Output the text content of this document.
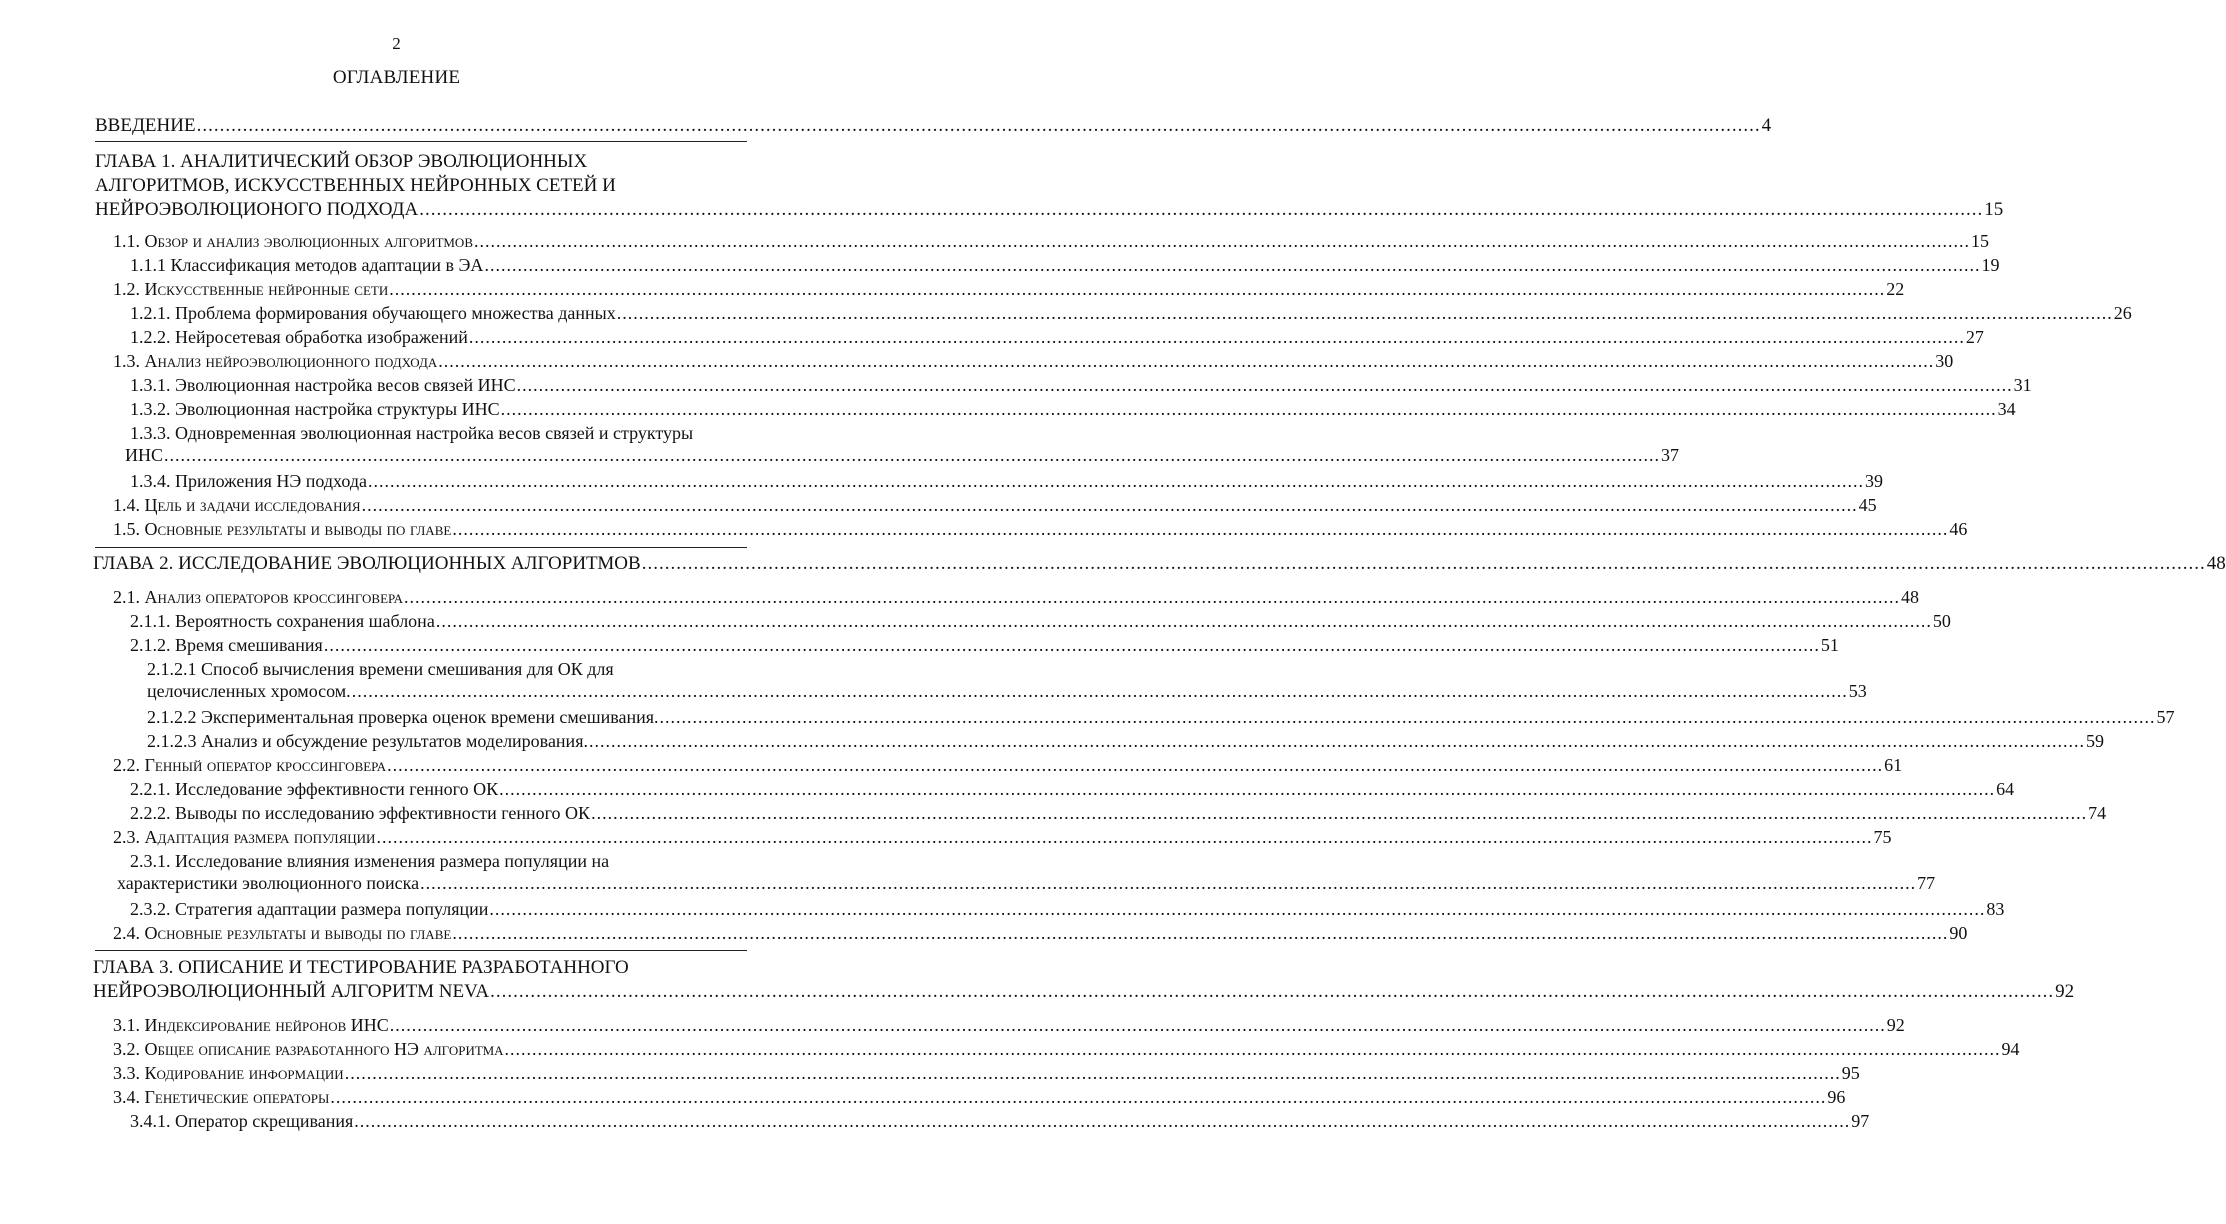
2
ОГЛАВЛЕНИЕ
ВВЕДЕНИЕ .....	4
ГЛАВА 1. АНАЛИТИЧЕСКИЙ ОБЗОР ЭВОЛЮЦИОННЫХ
АЛГОРИТМОВ, ИСКУССТВЕННЫХ НЕЙРОННЫХ СЕТЕЙ И
НЕЙРОЭВОЛЮЦИОНОГО ПОДХОДА .....	15
1.1. Обзор и анализ эволюционных алгоритмов .....	15
1.1.1 Классификация методов адаптации в ЭА .....	19
1.2. Искусственные нейронные сети .....	22
1.2.1. Проблема формирования обучающего множества данных .....	26
1.2.2. Нейросетевая обработка изображений .....	27
1.3. Анализ нейроэволюционного подхода .....	30
1.3.1. Эволюционная настройка весов связей ИНС .....	31
1.3.2. Эволюционная настройка структуры ИНС .....	34
1.3.3. Одновременная эволюционная настройка весов связей и структуры
ИНС .....	37
1.3.4. Приложения НЭ подхода .....	39
1.4. Цель и задачи исследования .....	45
1.5. Основные результаты и выводы по главе .....	46
ГЛАВА 2. ИССЛЕДОВАНИЕ ЭВОЛЮЦИОННЫХ АЛГОРИТМОВ .....	48
2.1. Анализ операторов кроссинговера .....	48
2.1.1. Вероятность сохранения шаблона .....	50
2.1.2. Время смешивания .....	51
2.1.2.1 Способ вычисления времени смешивания для ОК для
целочисленных хромосом. .....	53
2.1.2.2 Экспериментальная проверка оценок времени смешивания. .....	57
2.1.2.3 Анализ и обсуждение результатов моделирования. .....	59
2.2. Генный оператор кроссинговера .....	61
2.2.1. Исследование эффективности генного ОК .....	64
2.2.2. Выводы по исследованию эффективности генного ОК .....	74
2.3. Адаптация размера популяции .....	75
2.3.1. Исследование влияния изменения размера популяции на
характеристики эволюционного поиска .....	77
2.3.2. Стратегия адаптации размера популяции .....	83
2.4. Основные результаты и выводы по главе .....	90
ГЛАВА 3. ОПИСАНИЕ И ТЕСТИРОВАНИЕ РАЗРАБОТАННОГО
НЕЙРОЭВОЛЮЦИОННЫЙ АЛГОРИТМ NEVA .....	92
3.1. Индексирование нейронов ИНС .....	92
3.2. Общее описание разработанного НЭ алгоритма .....	94
3.3. Кодирование информации .....	95
3.4. Генетические операторы .....	96
3.4.1. Оператор скрещивания .....	97
